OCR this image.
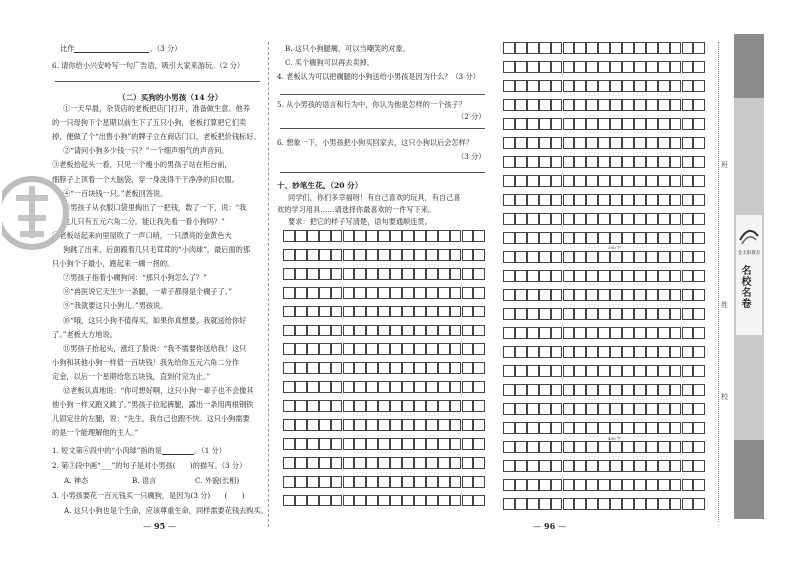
比作	。（3 分）
6. 请你给小兴安岭写一句广告语，吸引大家来游玩。（2 分）
（二）买狗的小男孩（14 分）
①一天早晨，杂货店的老板把店门打开，准备做生意。他养
的一只母狗下个星期以前生下了五只小狗，老板打算把它们卖
掉，便做了个“出售小狗”的牌子立在商店门口，老板把价钱标好。
②“请问小狗多少钱一只？”一个细声细气的声音问。
③老板抬起头一看，只见一个瘦小的男孩子站在柜台前，
细脖子上顶着一个大脑袋，穿一身洗得干干净净的旧衣服。
④“一百块钱一只。”老板回答说。
⑤男孩子从衣服口袋里掏出了一把钱，数了一下，说：“我
这儿只有五元六角二分。能让我先看一看小狗吗？”
⑥老板站起来向里屋吹了一声口哨，一只漂亮的金黄色大
狗跳了出来，后面跟着几只毛茸茸的“小肉球”，最后面的那
只小狗个子最小，跑起来一瘸一拐的。
⑦男孩子指着小瘸狗问：“那只小狗怎么了？”
⑧“兽医说它天生少一条腿，一辈子都得是个瘸子了。”
⑨“我就要这只小狗儿。”男孩说。
⑩“哦，这只小狗不值得买，如果你真想要，我就送给你好
了。”老板大方地说。
⑪男孩子抬起头，涨红了脸说：“我不需要你送给我！这只
小狗和其他小狗一样值一百块钱！我先给你五元六角二分作
定金，以后一个星期给您五块钱，直到付完为止。”
⑫老板认真地说：“你可想好啊，这只小狗一辈子也不会像其
他小狗一样又跑又跳了。”男孩子拉起裤腿，露出一条用两根钢铁
儿固定住的左腿，说：“先生，我自己也跑不快。这只小狗需要
的是一个能理解他的主人。”
1. 短文第⑥段中的“小肉球”指的是	。（1 分）
2. 第③段中画“___”的句子是对小男孩(　　)的描写。（3 分）
A. 神态	B. 语言	C. 外貌(长相)
3. 小男孩要花一百元钱买一只瘸狗，是因为(3 分)　　(　　)
A. 这只小狗也是个生命，应该尊重生命，同样需要花钱去购买。
— 95 —
B. 这只小狗腿瘸，可以当嘲笑的对象。
C. 买个瘸狗可以再去卖掉。
4. 老板认为可以把瘸腿的小狗送给小男孩是因为什么？（3 分）
5. 从小男孩的语言和行为中，你认为他是怎样的一个孩子？
（2 分）
6. 想象一下，小男孩把小狗买回家去，这只小狗以后会怎样？
（3 分）
十、妙笔生花。（20 分）
同学们，你们多幸福呀！有自己喜欢的玩具，有自己喜
欢的学习用具……请选择你最喜欢的一件写下来。
要求：把它的样子写清楚，语句要通顺连贯。
— 96 —
300 字
400 字
班
姓
校
金太阳教育
名校名卷
